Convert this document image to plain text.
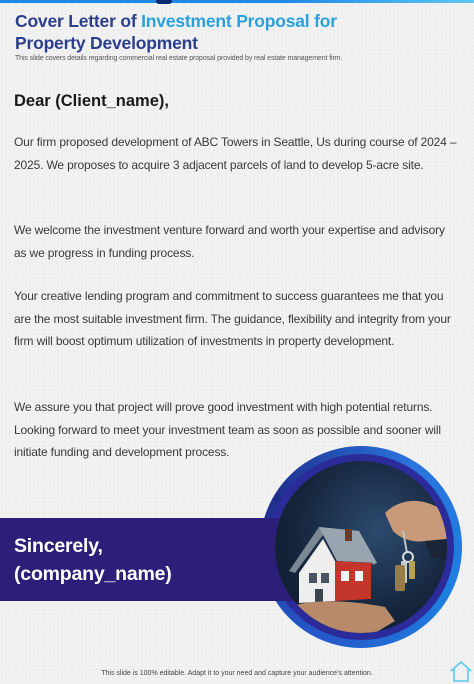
Cover Letter of Investment Proposal for
Property Development
This slide covers details regarding commercial real estate proposal provided by real estate management firm.
Dear (Client_name),

Our firm proposed development of ABC Towers in Seattle, Us during course of 2024 – 2025. We proposes to acquire 3 adjacent parcels of land to develop 5-acre site.

We welcome the investment venture forward and worth your expertise and advisory as we progress in funding process.

Your creative lending program and commitment to success guarantees me that you are the most suitable investment firm. The guidance, flexibility and integrity from your firm will boost optimum utilization of investments in property development.

We assure you that project will prove good investment with high potential returns. Looking forward to meet your investment team as soon as possible and sooner will initiate funding and development process.

Sincerely,
(company_name)
This slide is 100% editable. Adapt it to your need and capture your audience’s attention.
